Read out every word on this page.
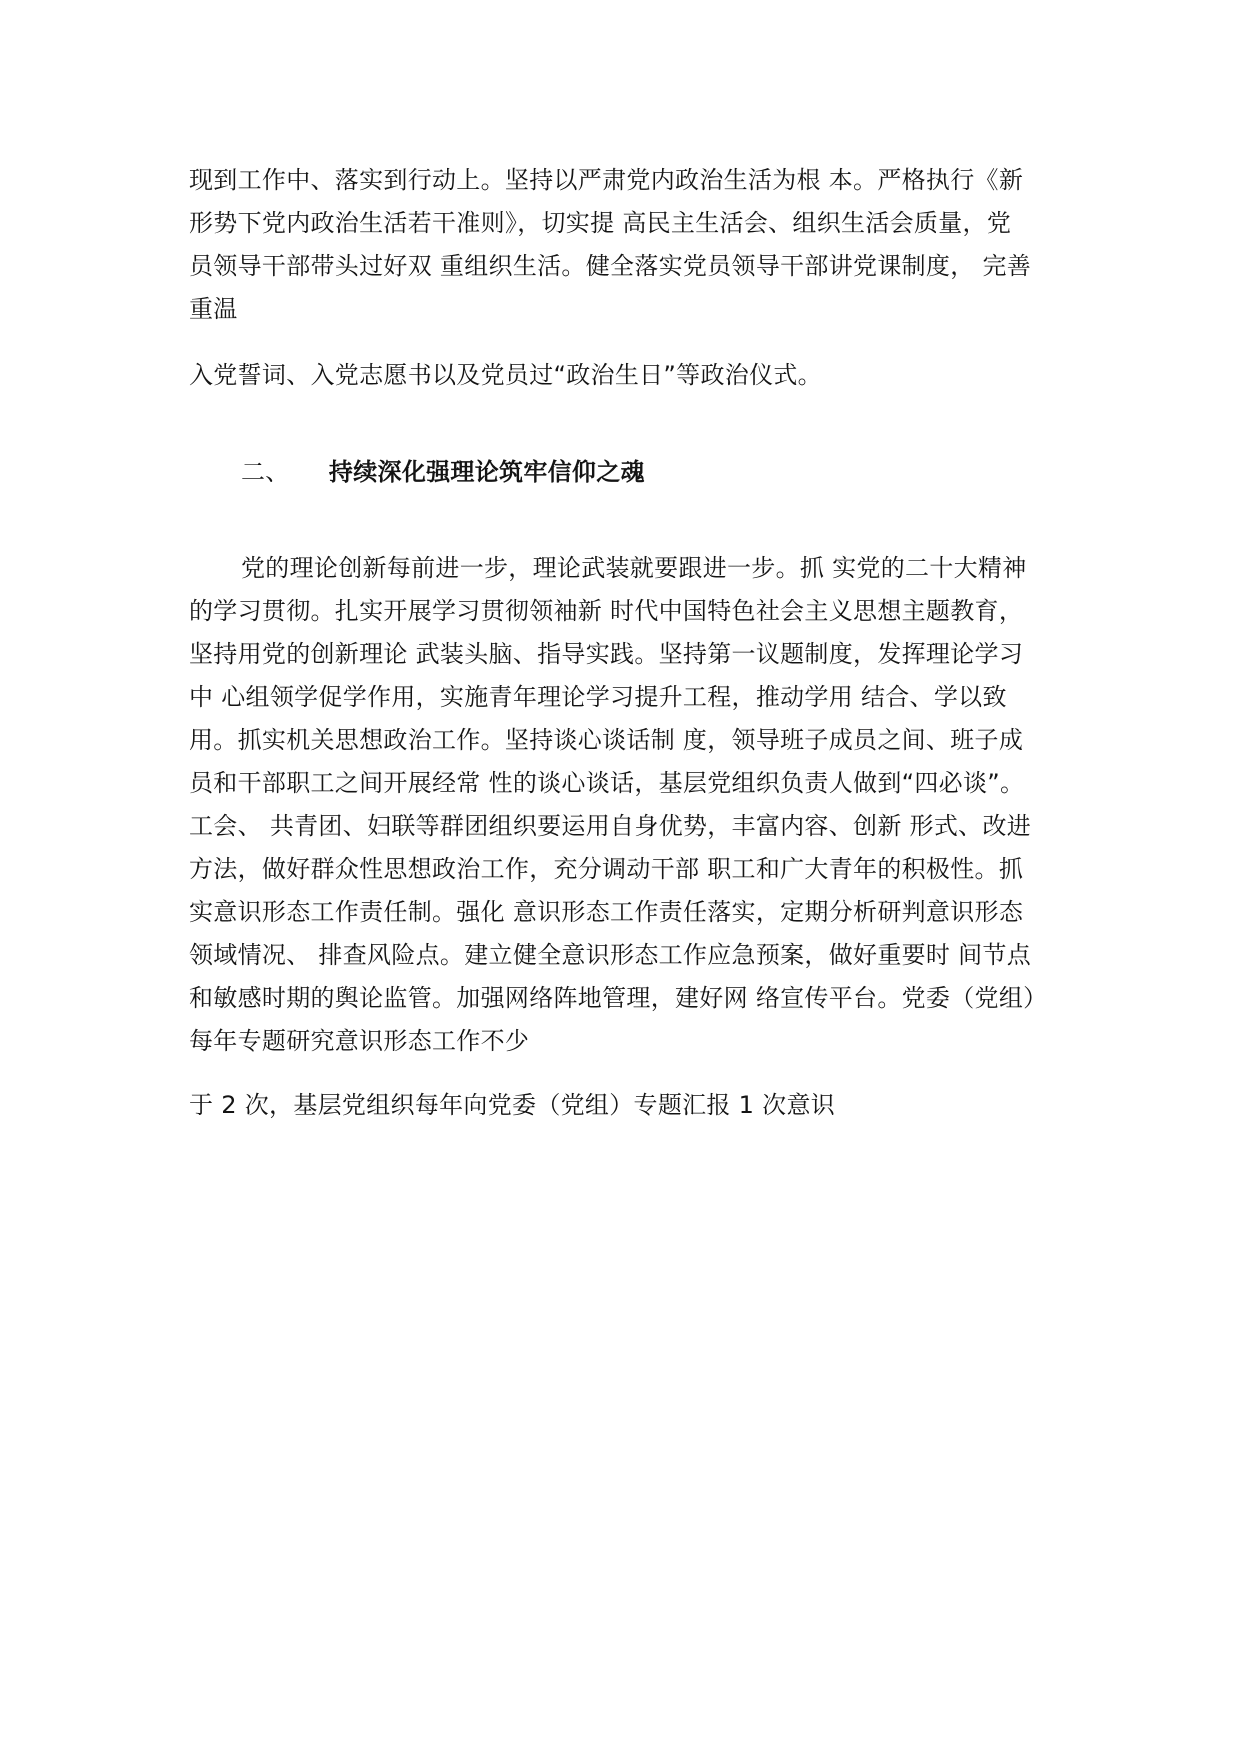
现到工作中、落实到行动上。坚持以严肃党内政治生活为根 本。严格执行《新
形势下党内政治生活若干准则》，切实提 高民主生活会、组织生活会质量，党
员领导干部带头过好双 重组织生活。健全落实党员领导干部讲党课制度， 完善
重温
入党誓词、入党志愿书以及党员过“政治生日”等政治仪式。
二、 持续深化强理论筑牢信仰之魂
党的理论创新每前进一步，理论武装就要跟进一步。抓 实党的二十大精神
的学习贯彻。扎实开展学习贯彻领袖新 时代中国特色社会主义思想主题教育，
坚持用党的创新理论 武装头脑、指导实践。坚持第一议题制度，发挥理论学习
中 心组领学促学作用，实施青年理论学习提升工程，推动学用 结合、学以致
用。抓实机关思想政治工作。坚持谈心谈话制 度，领导班子成员之间、班子成
员和干部职工之间开展经常 性的谈心谈话，基层党组织负责人做到“四必谈”。
工会、 共青团、妇联等群团组织要运用自身优势，丰富内容、创新 形式、改进
方法，做好群众性思想政治工作，充分调动干部 职工和广大青年的积极性。抓
实意识形态工作责任制。强化 意识形态工作责任落实，定期分析研判意识形态
领域情况、 排查风险点。建立健全意识形态工作应急预案，做好重要时 间节点
和敏感时期的舆论监管。加强网络阵地管理，建好网 络宣传平台。党委（党组）
每年专题研究意识形态工作不少
于 2 次，基层党组织每年向党委（党组）专题汇报 1 次意识
